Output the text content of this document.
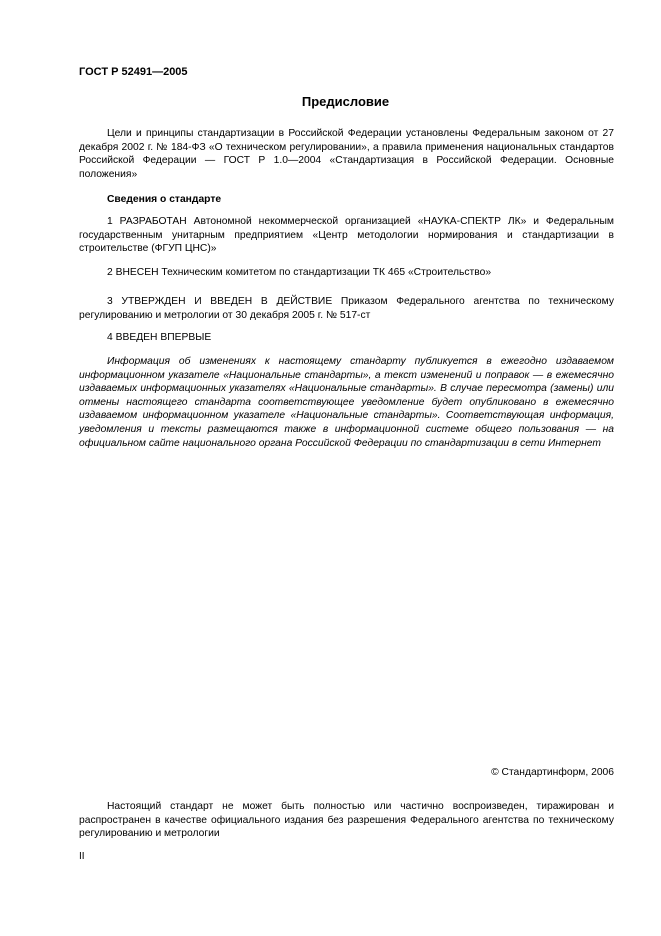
ГОСТ Р 52491—2005
Предисловие

Цели и принципы стандартизации в Российской Федерации установлены Федеральным законом от 27 декабря 2002 г. № 184-ФЗ «О техническом регулировании», а правила применения национальных стандартов Российской Федерации — ГОСТ Р 1.0—2004 «Стандартизация в Российской Федерации. Основные положения»

Сведения о стандарте

1 РАЗРАБОТАН Автономной некоммерческой организацией «НАУКА-СПЕКТР ЛК» и Федеральным государственным унитарным предприятием «Центр методологии нормирования и стандартизации в строительстве (ФГУП ЦНС)»

2 ВНЕСЕН Техническим комитетом по стандартизации ТК 465 «Строительство»

3 УТВЕРЖДЕН И ВВЕДЕН В ДЕЙСТВИЕ Приказом Федерального агентства по техническому регулированию и метрологии от 30 декабря 2005 г. № 517-ст

4 ВВЕДЕН ВПЕРВЫЕ

Информация об изменениях к настоящему стандарту публикуется в ежегодно издаваемом информационном указателе «Национальные стандарты», а текст изменений и поправок — в ежемесячно издаваемых информационных указателях «Национальные стандарты». В случае пересмотра (замены) или отмены настоящего стандарта соответствующее уведомление будет опубликовано в ежемесячно издаваемом информационном указателе «Национальные стандарты». Соответствующая информация, уведомления и тексты размещаются также в информационной системе общего пользования — на официальном сайте национального органа Российской Федерации по стандартизации в сети Интернет

© Стандартинформ, 2006

Настоящий стандарт не может быть полностью или частично воспроизведен, тиражирован и распространен в качестве официального издания без разрешения Федерального агентства по техническому регулированию и метрологии

II
